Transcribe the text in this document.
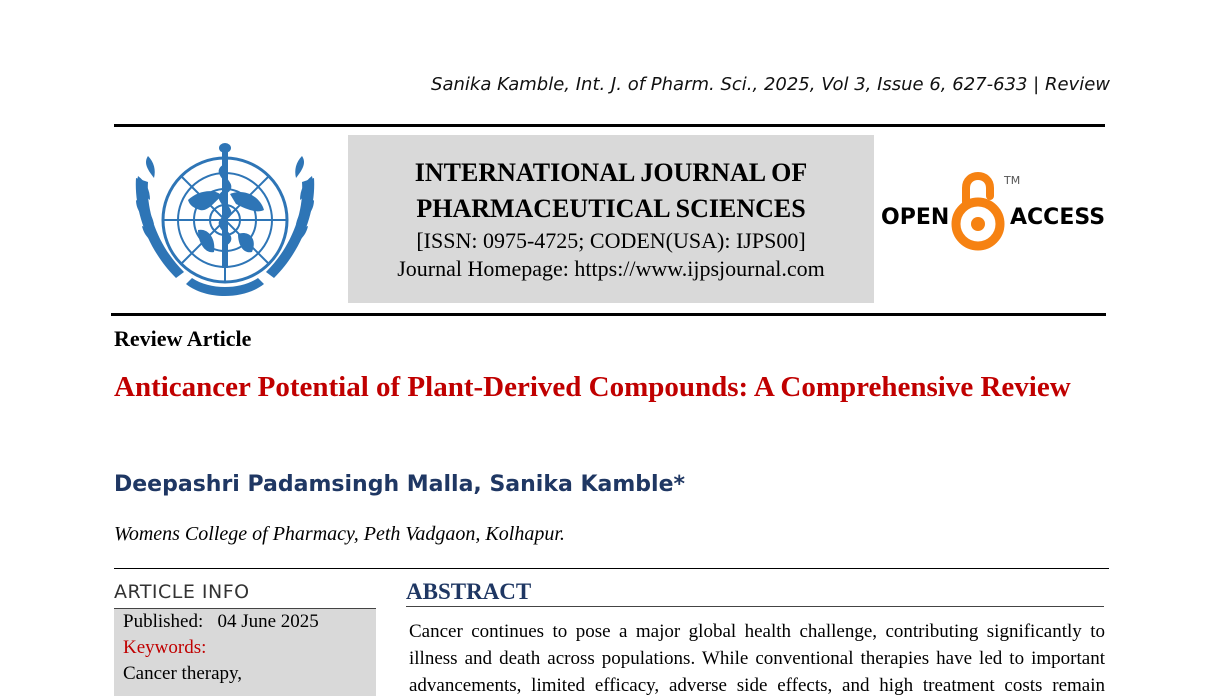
Sanika Kamble, Int. J. of Pharm. Sci., 2025, Vol 3, Issue 6, 627-633 | Review
INTERNATIONAL JOURNAL OF
PHARMACEUTICAL SCIENCES
[ISSN: 0975-4725; CODEN(USA): IJPS00]
Journal Homepage: https://www.ijpsjournal.com
OPEN
TM
ACCESS
Review Article
Anticancer Potential of Plant-Derived Compounds: A Comprehensive Review
Deepashri Padamsingh Malla, Sanika Kamble*
Womens College of Pharmacy, Peth Vadgaon, Kolhapur.
ARTICLE INFO
Published: 04 June 2025
Keywords:
Cancer therapy,
ABSTRACT
Cancer continues to pose a major global health challenge, contributing significantly to
illness and death across populations. While conventional therapies have led to important
advancements, limited efficacy, adverse side effects, and high treatment costs remain
